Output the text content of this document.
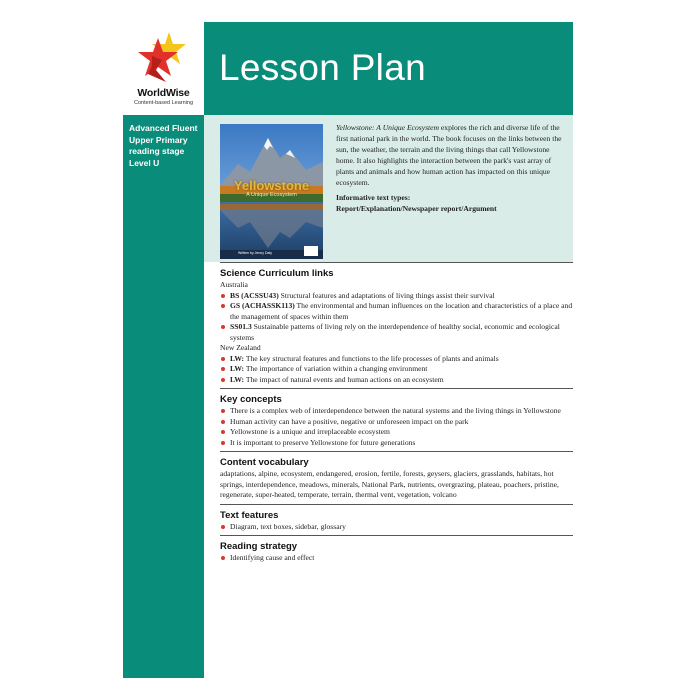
WorldWise
Content-based Learning
Lesson Plan
Advanced Fluent
Upper Primary
reading stage
Level U
Yellowstone
A Unique Ecosystem
Written by Jenny Daly

Yellowstone: A Unique Ecosystem explores the rich and diverse life of the first national park in the world. The book focuses on the links between the sun, the weather, the terrain and the living things that call Yellowstone home. It also highlights the interaction between the park's vast array of plants and animals and how human action has impacted on this unique ecosystem.

Informative text types:

Report/Explanation/Newspaper report/Argument

Science Curriculum links
Australia
BS (ACSSU43) Structural features and adaptations of living things assist their survival
GS (ACHASSK113) The environmental and human influences on the location and characteristics of a place and the management of spaces within them
SS01.3 Sustainable patterns of living rely on the interdependence of healthy social, economic and ecological systems
New Zealand
LW: The key structural features and functions to the life processes of plants and animals
LW: The importance of variation within a changing environment
LW: The impact of natural events and human actions on an ecosystem
Key concepts
There is a complex web of interdependence between the natural systems and the living things in Yellowstone
Human activity can have a positive, negative or unforeseen impact on the park
Yellowstone is a unique and irreplaceable ecosystem
It is important to preserve Yellowstone for future generations
Content vocabulary

adaptations, alpine, ecosystem, endangered, erosion, fertile, forests, geysers, glaciers, grasslands, habitats, hot springs, interdependence, meadows, minerals, National Park, nutrients, overgrazing, plateau, poachers, pristine, regenerate, super-heated, temperate, terrain, thermal vent, vegetation, volcano

Text features
Diagram, text boxes, sidebar, glossary
Reading strategy
Identifying cause and effect
